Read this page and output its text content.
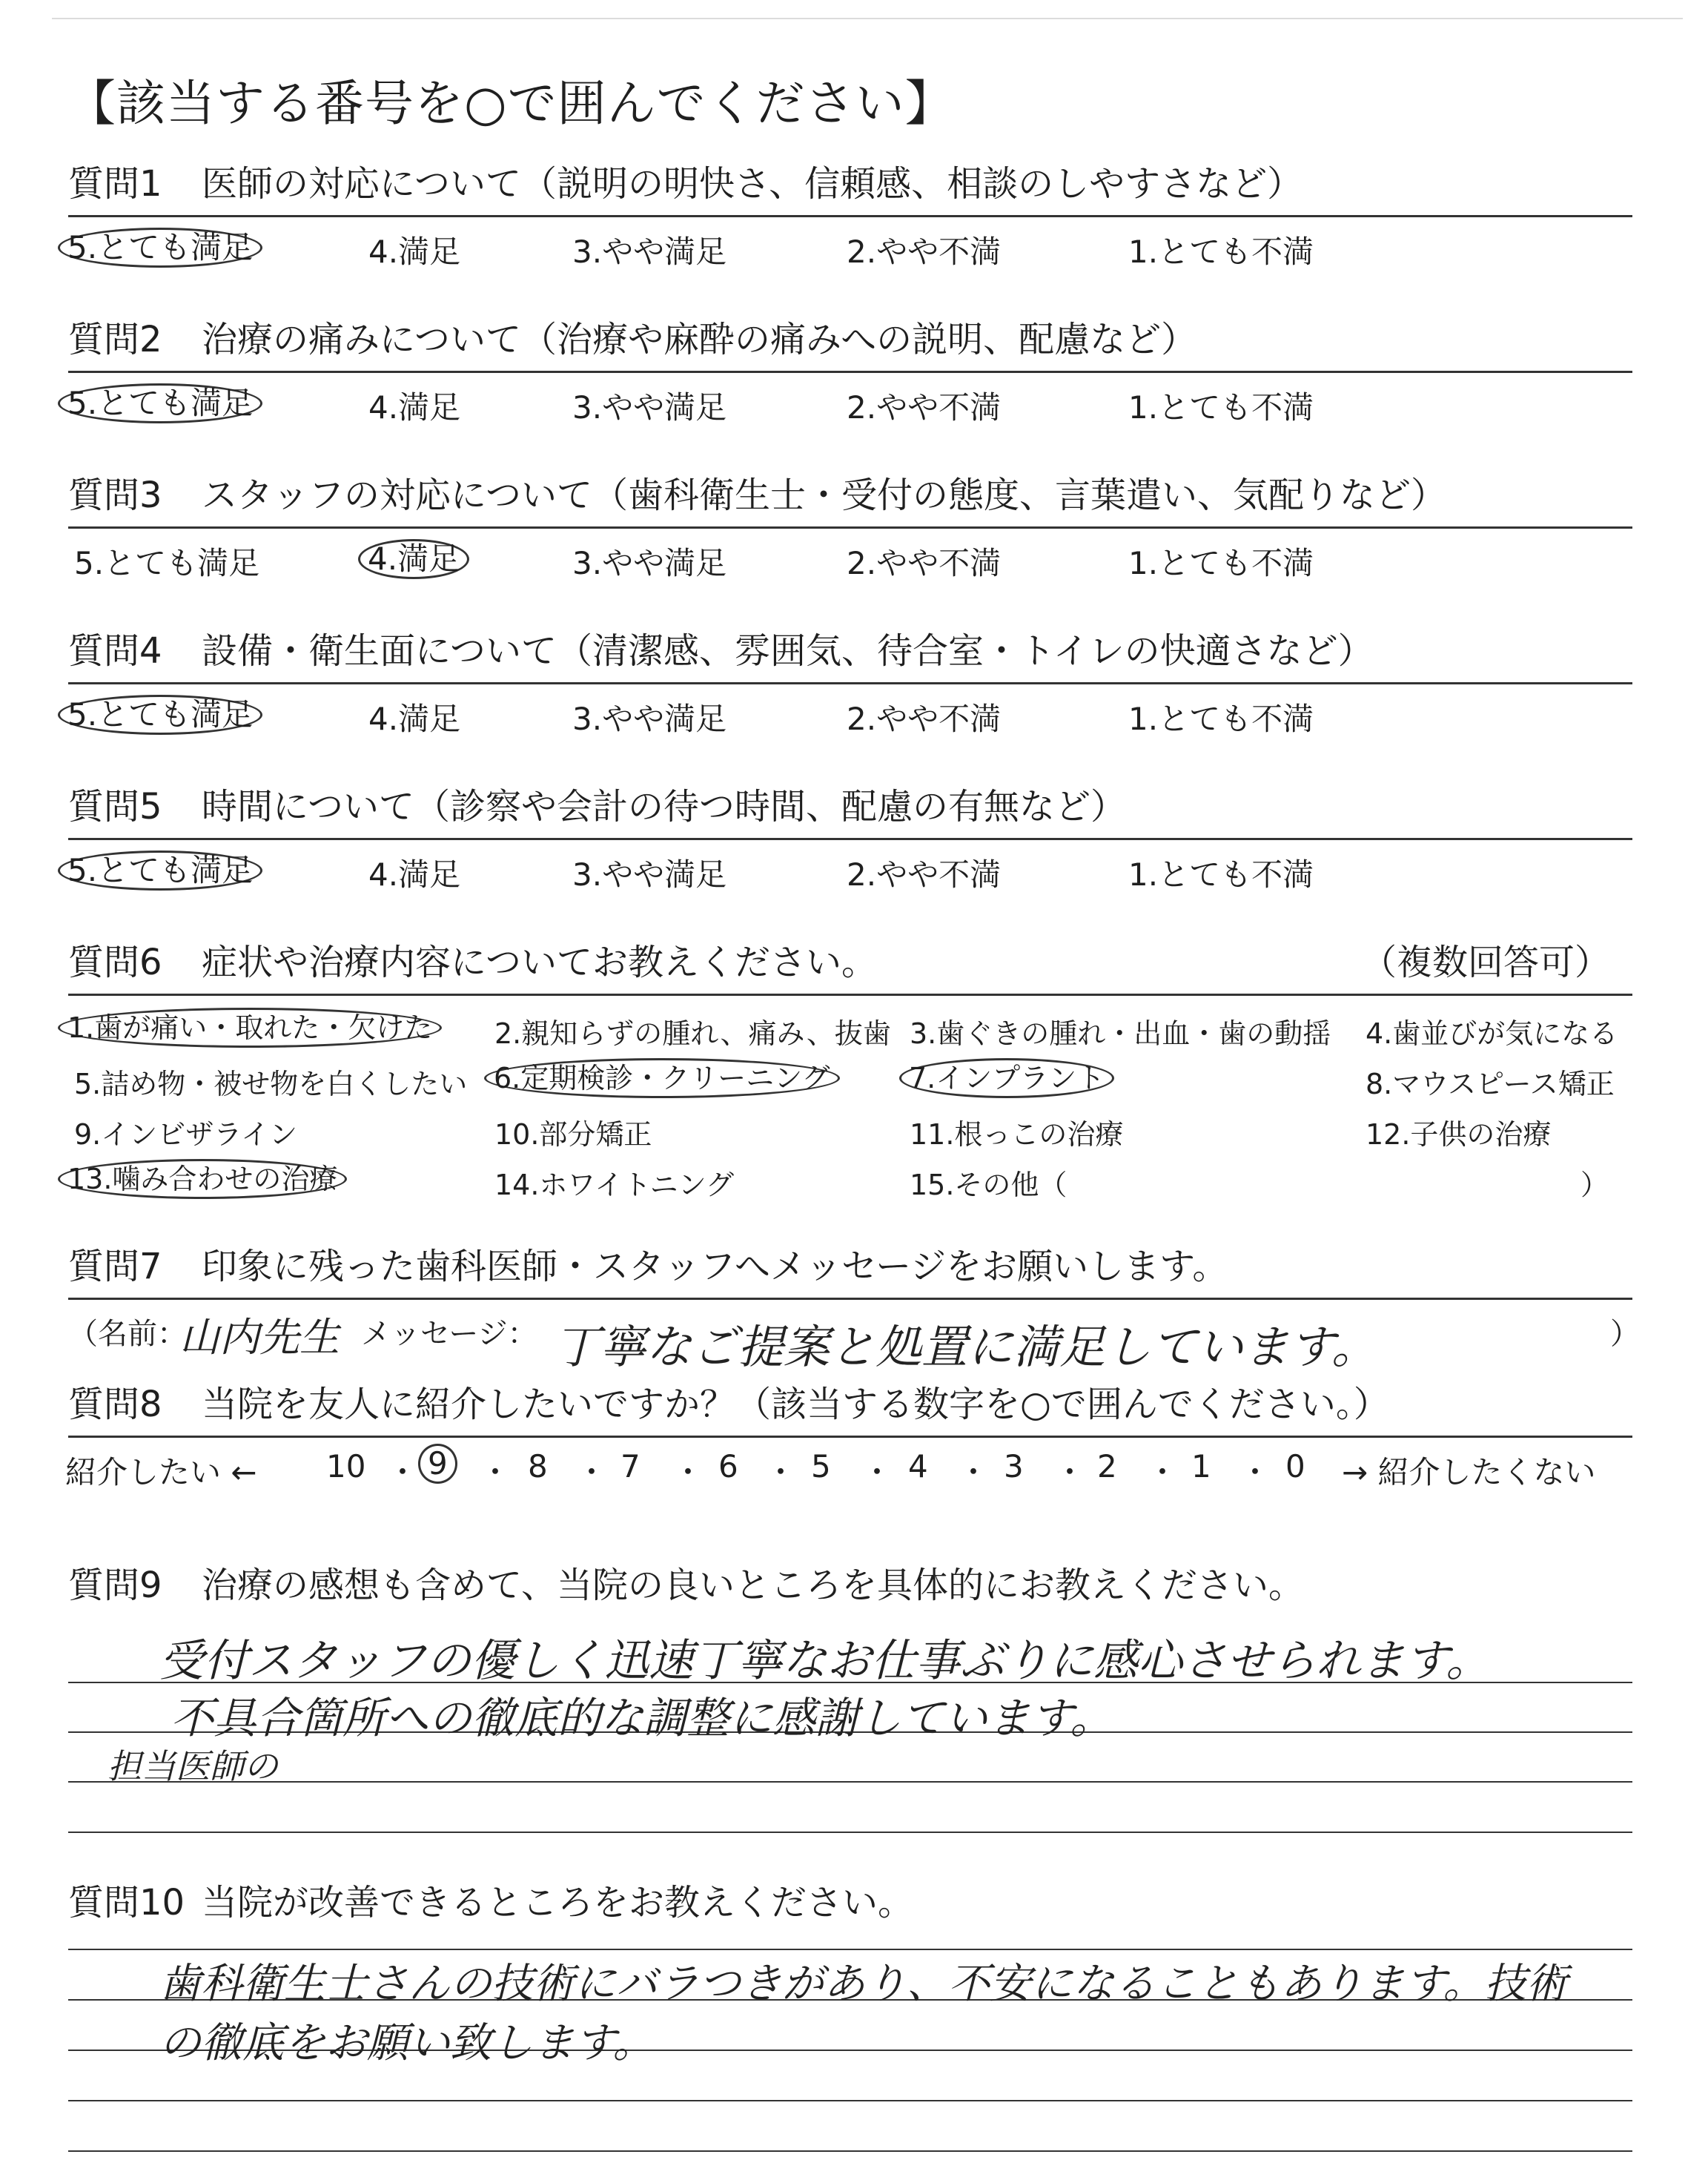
【該当する番号を○で囲んでください】
質問1 医師の対応について（説明の明快さ、信頼感、相談のしやすさなど）
5.とても満足	4.満足	3.やや満足	2.やや不満	1.とても不満
質問2 治療の痛みについて（治療や麻酔の痛みへの説明、配慮など）
5.とても満足	4.満足	3.やや満足	2.やや不満	1.とても不満
質問3 スタッフの対応について（歯科衛生士・受付の態度、言葉遣い、気配りなど）
5.とても満足	4.満足	3.やや満足	2.やや不満	1.とても不満
質問4 設備・衛生面について（清潔感、雰囲気、待合室・トイレの快適さなど）
5.とても満足	4.満足	3.やや満足	2.やや不満	1.とても不満
質問5 時間について（診察や会計の待つ時間、配慮の有無など）
5.とても満足	4.満足	3.やや満足	2.やや不満	1.とても不満
質問6 症状や治療内容についてお教えください。	（複数回答可）
1.歯が痛い・取れた・欠けた	2.親知らずの腫れ、痛み、抜歯 3.歯ぐきの腫れ・出血・歯の動揺 4.歯並びが気になる
5.詰め物・被せ物を白くしたい 6.定期検診・クリーニング	7.インプラント	8.マウスピース矯正
9.インビザライン	10.部分矯正	11.根っこの治療	12.子供の治療
13.噛み合わせの治療	14.ホワイトニング	15.その他（	）
質問7 印象に残った歯科医師・スタッフへメッセージをお願いします。
（名前：
山内先生 メッセージ： 丁寧なご提案と処置に満足しています。	）
質問8 当院を友人に紹介したいですか？（該当する数字を○で囲んでください。）
紹介したい ← 10 ・ 9	・ 8 ・ 7 ・ 6 ・ 5 ・ 4 ・ 3 ・ 2 ・ 1 ・ 0 → 紹介したくない
質問9 治療の感想も含めて、当院の良いところを具体的にお教えください。
受付スタッフの優しく迅速丁寧なお仕事ぶりに感心させられます。
不具合箇所への徹底的な調整に感謝しています。
担当医師の
質問10 当院が改善できるところをお教えください。
歯科衛生士さんの技術にバラつきがあり、不安になることもあります。技術の徹底をお願い致します。
